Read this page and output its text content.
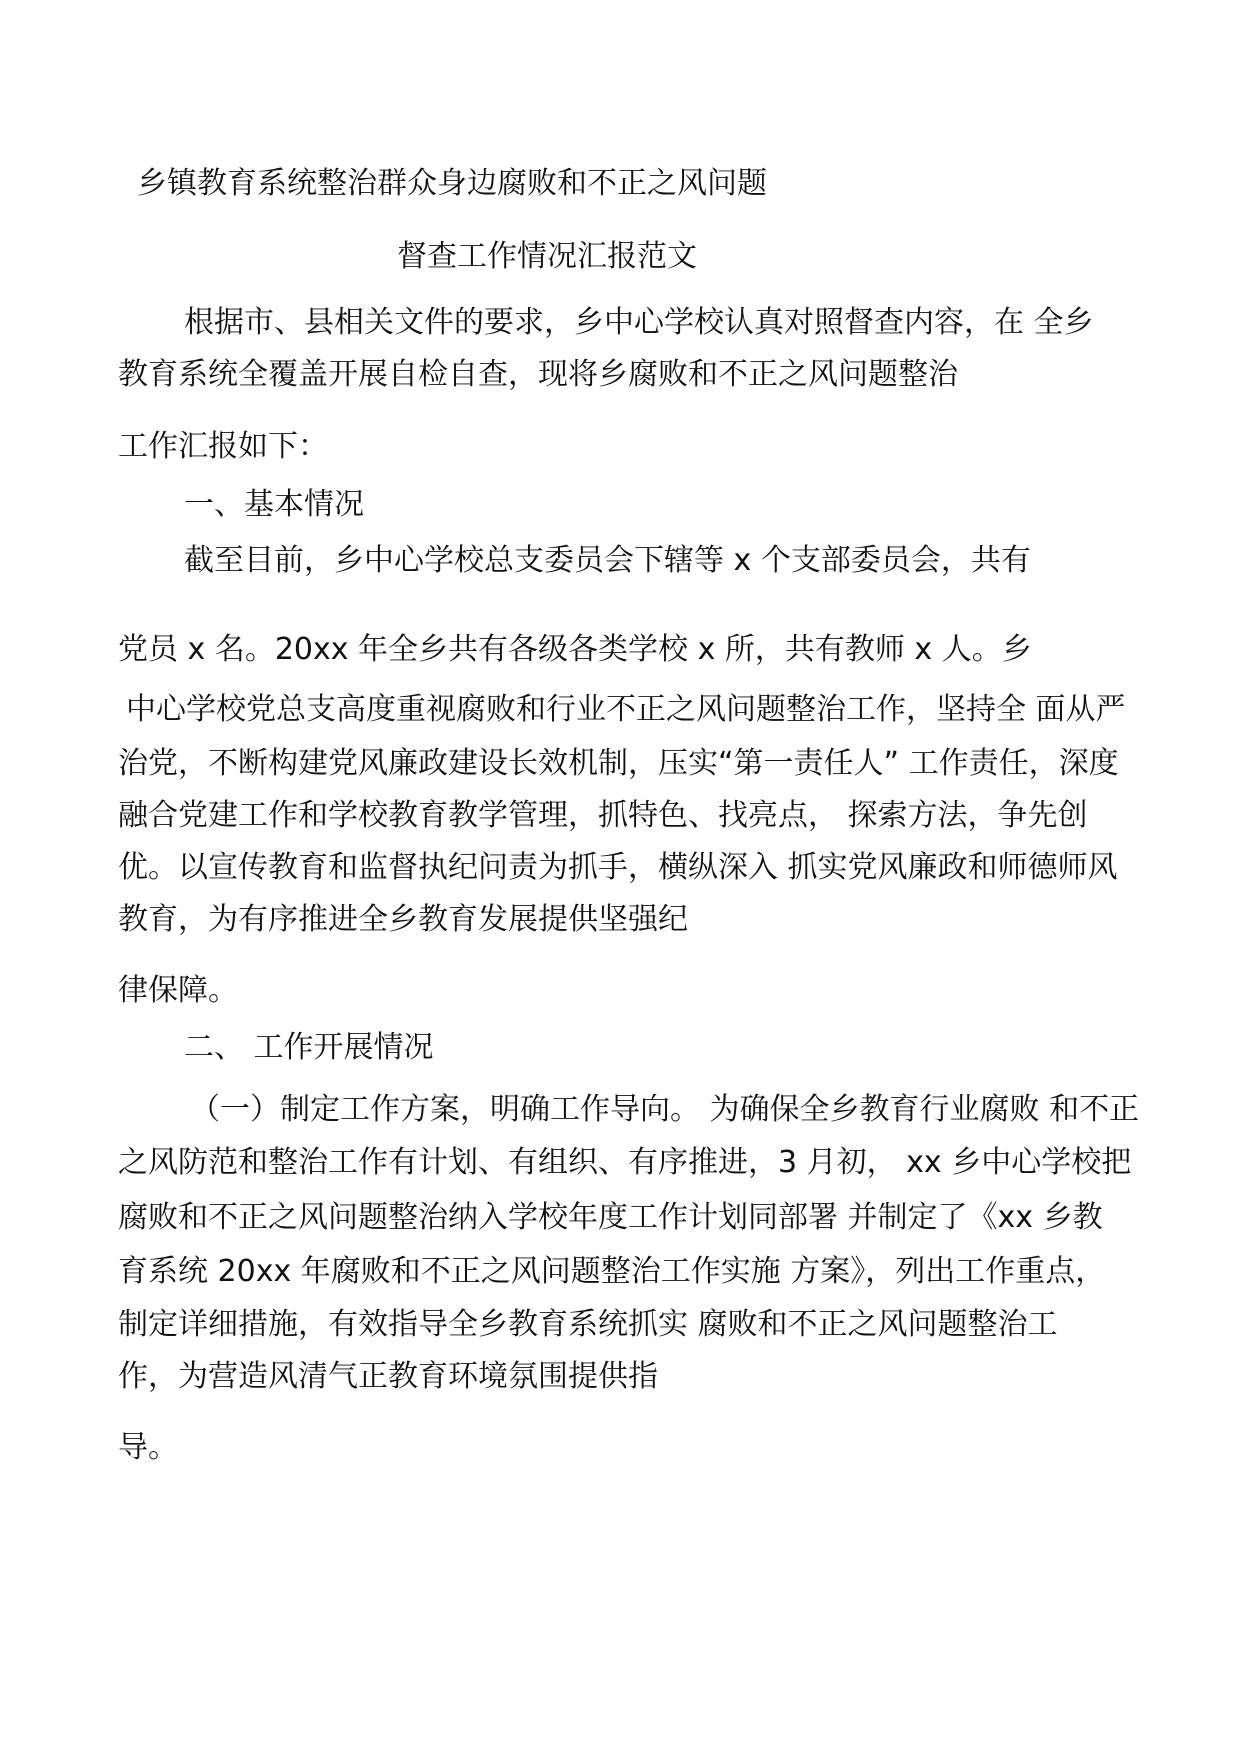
乡镇教育系统整治群众身边腐败和不正之风问题
督查工作情况汇报范文
根据市、县相关文件的要求，乡中心学校认真对照督查内容，在 全乡
教育系统全覆盖开展自检自查，现将乡腐败和不正之风问题整治
工作汇报如下：
一、基本情况
截至目前，乡中心学校总支委员会下辖等 x 个支部委员会，共有
党员 x 名。20xx 年全乡共有各级各类学校 x 所，共有教师 x 人。乡
中心学校党总支高度重视腐败和行业不正之风问题整治工作，坚持全 面从严
治党，不断构建党风廉政建设长效机制，压实“第一责任人” 工作责任，深度
融合党建工作和学校教育教学管理，抓特色、找亮点， 探索方法，争先创
优。以宣传教育和监督执纪问责为抓手，横纵深入 抓实党风廉政和师德师风
教育，为有序推进全乡教育发展提供坚强纪
律保障。
二、 工作开展情况
（一）制定工作方案，明确工作导向。 为确保全乡教育行业腐败 和不正
之风防范和整治工作有计划、有组织、有序推进，3 月初， xx 乡中心学校把
腐败和不正之风问题整治纳入学校年度工作计划同部署 并制定了《xx 乡教
育系统 20xx 年腐败和不正之风问题整治工作实施 方案》，列出工作重点，
制定详细措施，有效指导全乡教育系统抓实 腐败和不正之风问题整治工
作，为营造风清气正教育环境氛围提供指
导。
